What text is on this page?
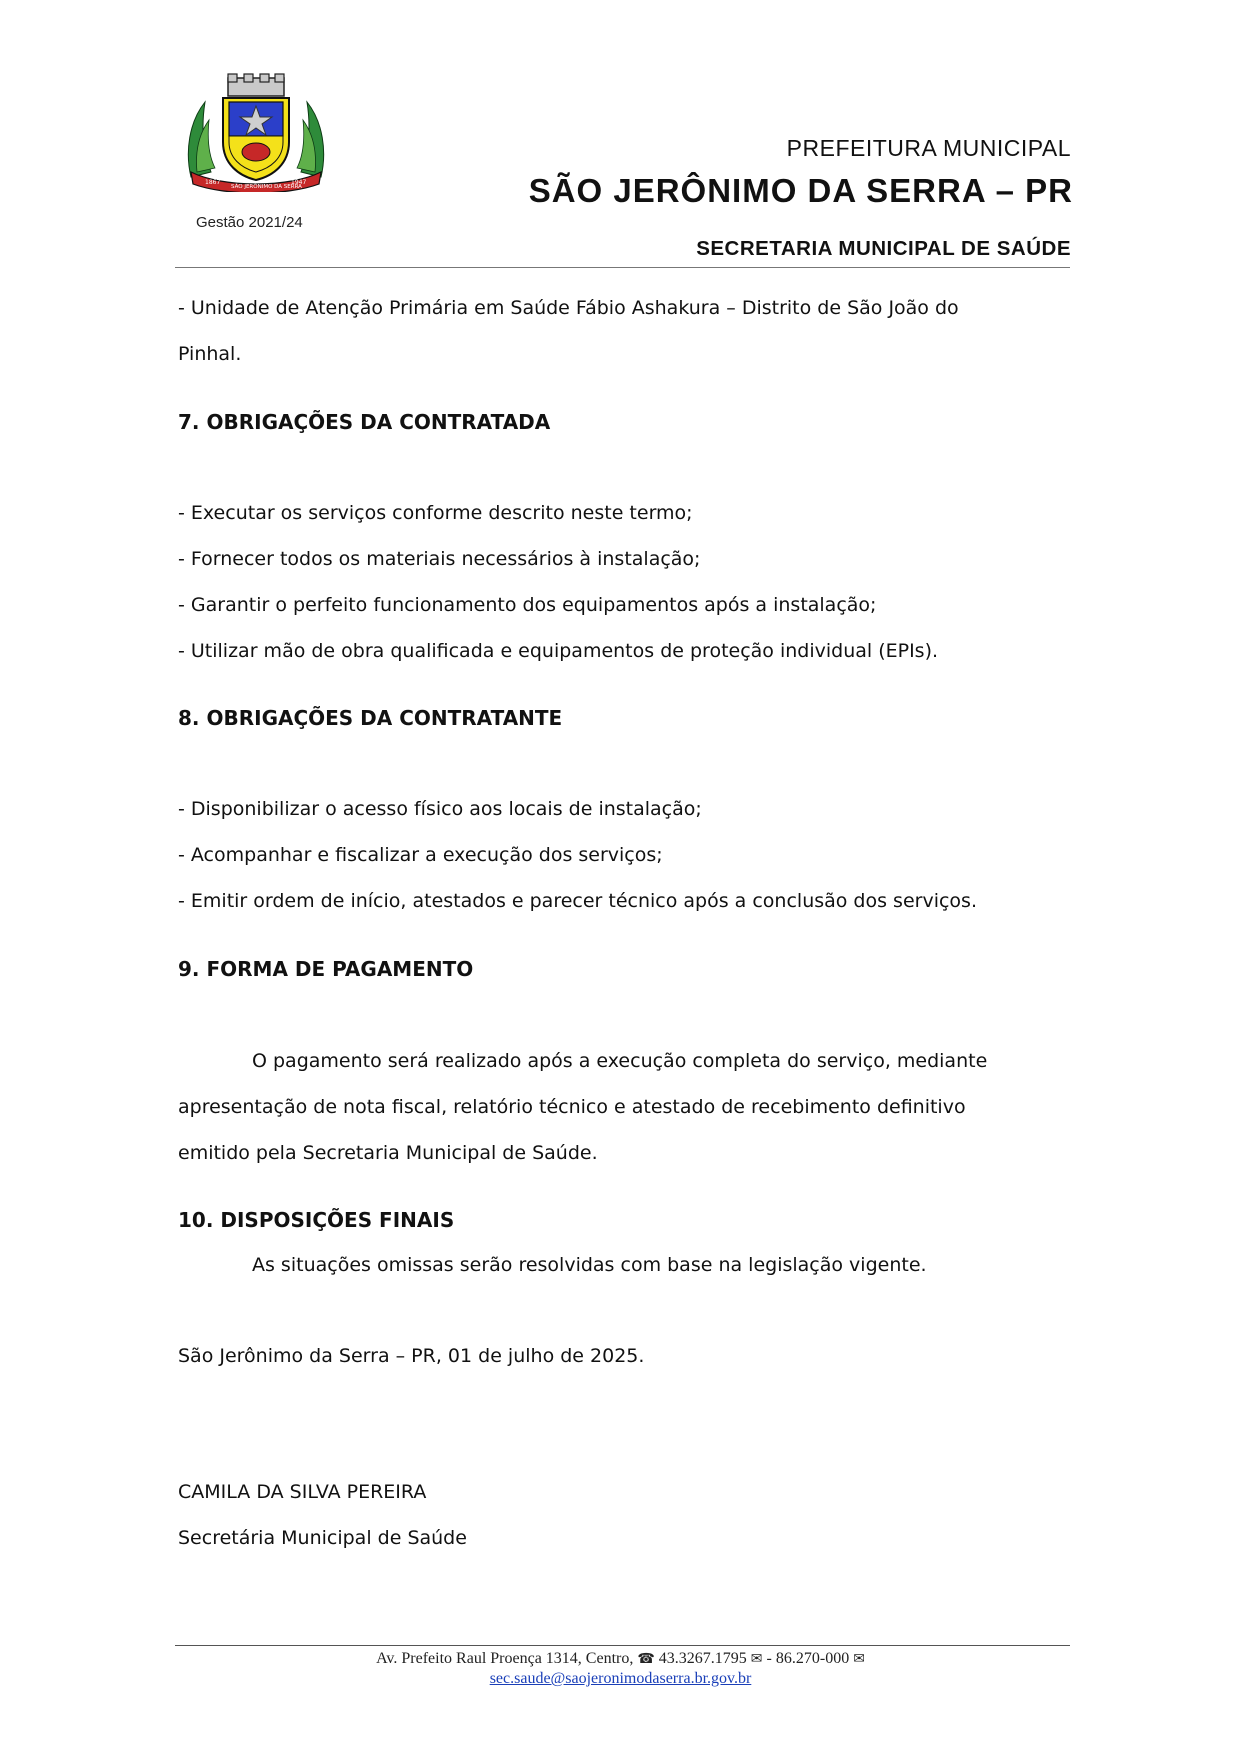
1867
SÃO JERÔNIMO DA SERRA
1947
Gestão 2021/24
PREFEITURA MUNICIPAL
SÃO JERÔNIMO DA SERRA – PR
SECRETARIA MUNICIPAL DE SAÚDE
- Unidade de Atenção Primária em Saúde Fábio Ashakura – Distrito de São João do
Pinhal.
7. OBRIGAÇÕES DA CONTRATADA
- Executar os serviços conforme descrito neste termo;
- Fornecer todos os materiais necessários à instalação;
- Garantir o perfeito funcionamento dos equipamentos após a instalação;
- Utilizar mão de obra qualificada e equipamentos de proteção individual (EPIs).
8. OBRIGAÇÕES DA CONTRATANTE
- Disponibilizar o acesso físico aos locais de instalação;
- Acompanhar e fiscalizar a execução dos serviços;
- Emitir ordem de início, atestados e parecer técnico após a conclusão dos serviços.
9. FORMA DE PAGAMENTO
O pagamento será realizado após a execução completa do serviço, mediante
apresentação de nota fiscal, relatório técnico e atestado de recebimento definitivo
emitido pela Secretaria Municipal de Saúde.
10. DISPOSIÇÕES FINAIS
As situações omissas serão resolvidas com base na legislação vigente.
São Jerônimo da Serra – PR, 01 de julho de 2025.
CAMILA DA SILVA PEREIRA
Secretária Municipal de Saúde
Av. Prefeito Raul Proença 1314, Centro, ☎ 43.3267.1795 ✉ - 86.270-000 ✉
sec.saude@saojeronimodaserra.br.gov.br
